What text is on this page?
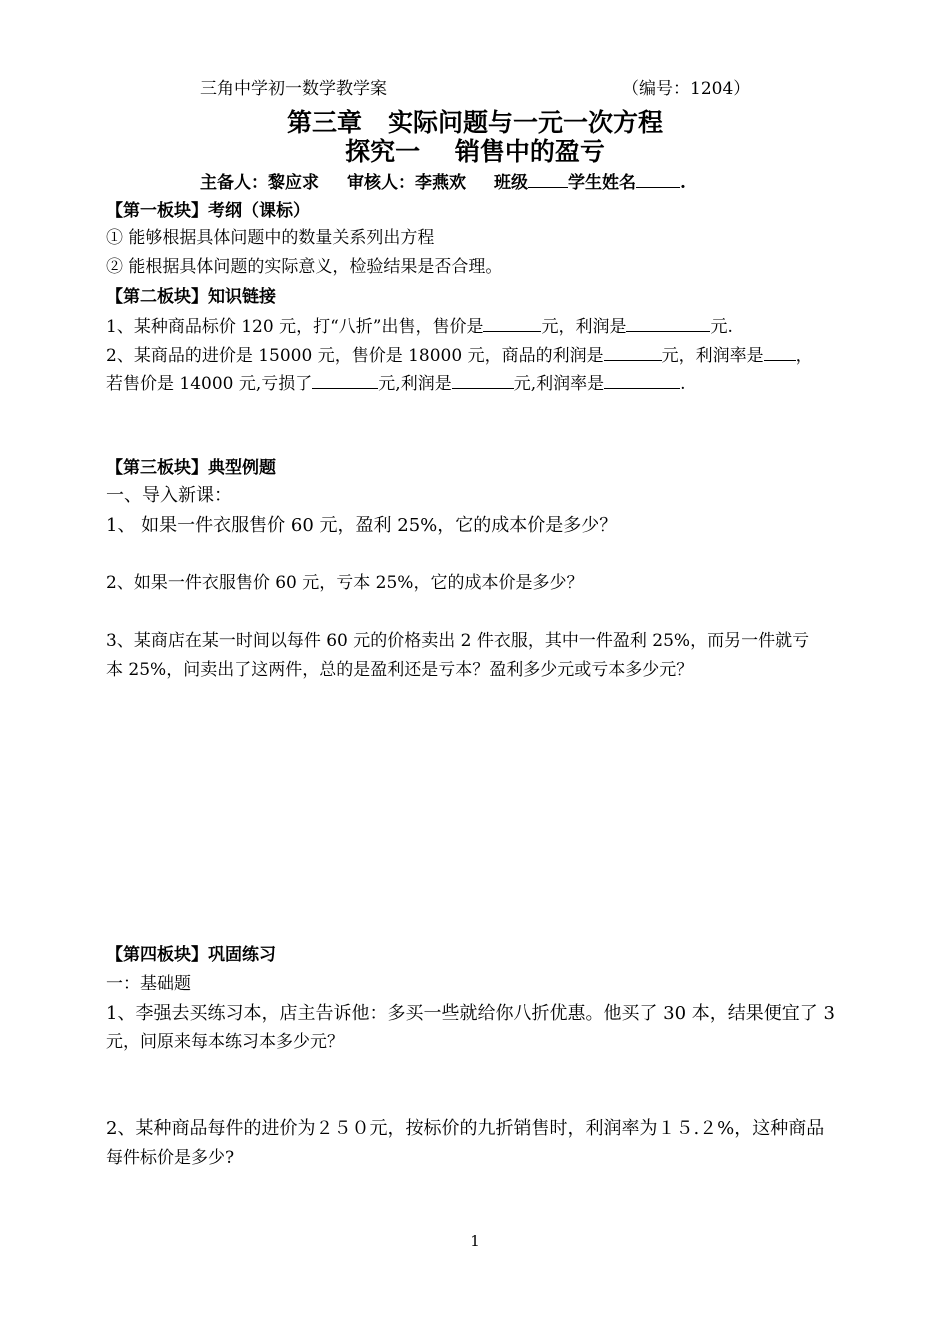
三角中学初一数学教学案	（编号：1204）
第三章   实际问题与一元一次方程
探究一    销售中的盈亏
主备人：黎应求 审核人：李燕欢 班级 学生姓名	.
【第一板块】考纲（课标）
① 能够根据具体问题中的数量关系列出方程
② 能根据具体问题的实际意义，检验结果是否合理。
【第二板块】知识链接
1、某种商品标价 120 元，打“八折”出售，售价是	元，利润是	元.
2、某商品的进价是 15000 元，售价是 18000 元，商品的利润是	元，利润率是 ，
若售价是 14000 元,亏损了	元,利润是	元,利润率是	.
【第三板块】典型例题
一、导入新课：
1、 如果一件衣服售价 60 元，盈利 25%，它的成本价是多少？
2、如果一件衣服售价 60 元，亏本 25%，它的成本价是多少？
3、某商店在某一时间以每件 60 元的价格卖出 2 件衣服，其中一件盈利 25%，而另一件就亏
本 25%，问卖出了这两件，总的是盈利还是亏本？盈利多少元或亏本多少元？
【第四板块】巩固练习
一：基础题
1、李强去买练习本，店主告诉他：多买一些就给你八折优惠。他买了 30 本，结果便宜了 3
元，问原来每本练习本多少元？
2、某种商品每件的进价为２５０元，按标价的九折销售时，利润率为１５.２%，这种商品
每件标价是多少?
1
